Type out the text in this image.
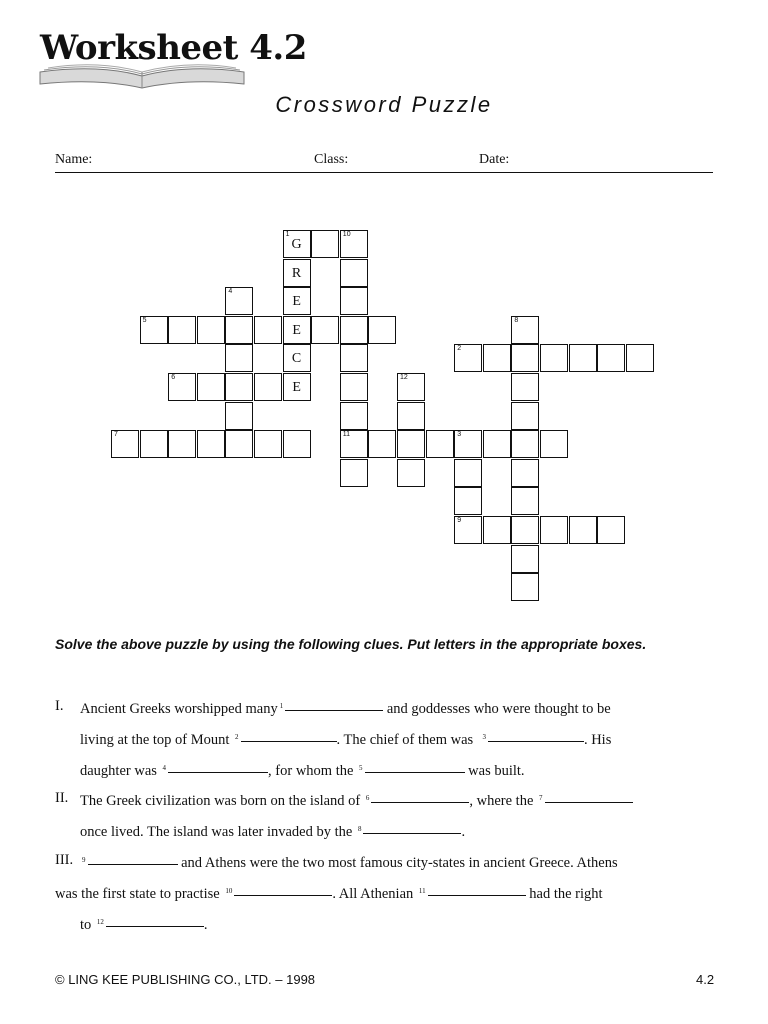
Worksheet 4.2
Crossword Puzzle
Name:	Class:	Date:
1
G
10
R
E
E
C
E
11
4
5
2
8
6	12
7	3
9
Solve the above puzzle by using the following clues. Put letters in the appropriate boxes.
I. Ancient Greeks worshipped many $^1$	and goddesses who were thought to be
living at the top of Mount $^2$	. The chief of them was $^3$	. His
daughter was $^4$	, for whom the $^5$	was built.
II. The Greek civilization was born on the island of $^6$	, where the $^7$
once lived. The island was later invaded by the $^8$	.
III. $^9$	and Athens were the two most famous city-states in ancient Greece. Athens
was the first state to practise $^{10}$	. All Athenian $^{11}$	had the right
to $^{12}$	.
© LING KEE PUBLISHING CO., LTD. – 1998	4.2
